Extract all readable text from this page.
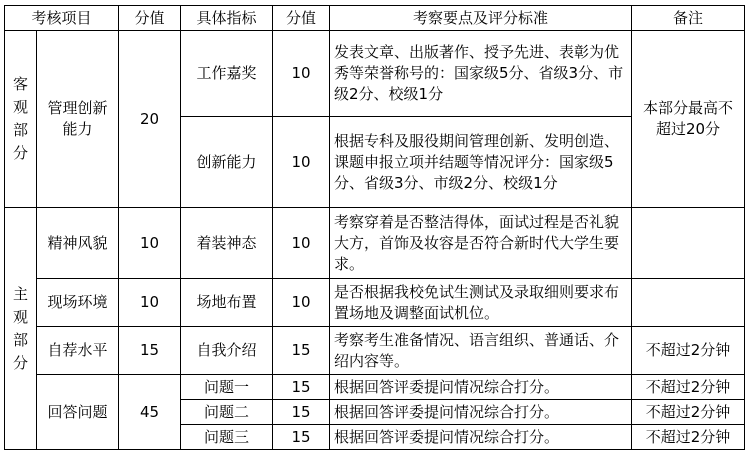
考核项目		分值	具体指标	分值	考察要点及评分标准	备注
客观部分	管理创新能力	20	工作嘉奖	10	发表文章、出版著作、授予先进、表彰为优秀等荣誉称号的：国家级5分、省级3分、市级2分、校级1分	本部分最高不超过20分
			创新能力	10	根据专科及服役期间管理创新、发明创造、课题申报立项并结题等情况评分：国家级5分、省级3分、市级2分、校级1分	
主观部分	精神风貌	10	着装神态	10	考察穿着是否整洁得体，面试过程是否礼貌大方，首饰及妆容是否符合新时代大学生要求。	
	现场环境	10	场地布置	10	是否根据我校免试生测试及录取细则要求布置场地及调整面试机位。	
	自荐水平	15	自我介绍	15	考察考生准备情况、语言组织、普通话、介绍内容等。	不超过2分钟
	回答问题	45	问题一	15	根据回答评委提问情况综合打分。	不超过2分钟
			问题二	15	根据回答评委提问情况综合打分。	不超过2分钟
			问题三	15	根据回答评委提问情况综合打分。	不超过2分钟
